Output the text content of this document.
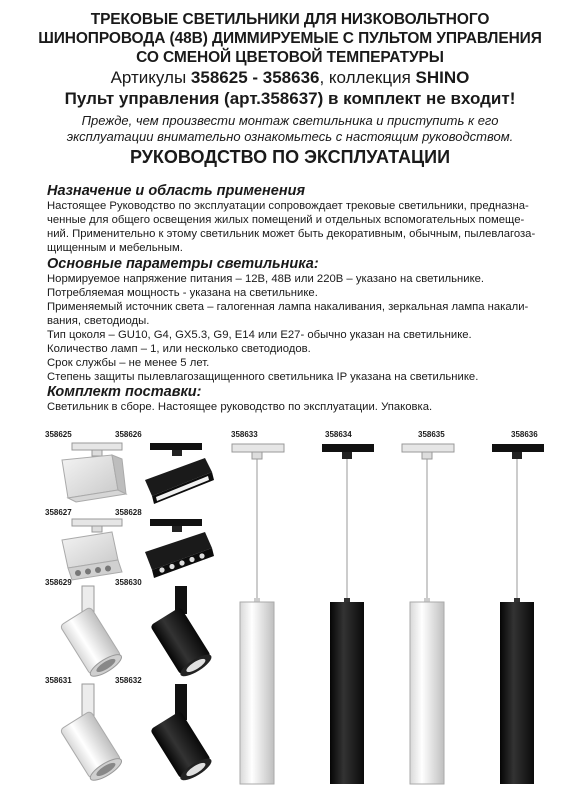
ТРЕКОВЫЕ СВЕТИЛЬНИКИ ДЛЯ НИЗКОВОЛЬТНОГО
ШИНОПРОВОДА (48В) ДИММИРУЕМЫЕ С ПУЛЬТОМ УПРАВЛЕНИЯ
СО СМЕНОЙ ЦВЕТОВОЙ ТЕМПЕРАТУРЫ
Артикулы 358625 - 358636, коллекция SHINO
Пульт управления (арт.358637) в комплект не входит!
Прежде, чем произвести монтаж светильника и приступить к его
эксплуатации внимательно ознакомьтесь с настоящим руководством.
РУКОВОДСТВО ПО ЭКСПЛУАТАЦИИ
Назначение и область применения
Настоящее Руководство по эксплуатации сопровождает трековые светильники, предназна-
ченные для общего освещения жилых помещений и отдельных вспомогательных помеще-
ний. Применительно к этому светильник может быть декоративным, обычным, пылевлагоза-
щищенным и мебельным.
Основные параметры светильника:
Нормируемое напряжение питания – 12В, 48В или 220В – указано на светильнике.
Потребляемая мощность - указана на светильнике.
Применяемый источник света – галогенная лампа накаливания, зеркальная лампа накали-
вания, светодиоды.
Тип цоколя – GU10, G4, GX5.3, G9, E14 или E27- обычно указан на светильнике.
Количество ламп – 1, или несколько светодиодов.
Срок службы – не менее 5 лет.
Степень защиты пылевлагозащищенного светильника IP указана на светильнике.
Комплект поставки:
Светильник в сборе. Настоящее руководство по эксплуатации. Упаковка.
358625	358626
358627	358628
358629	358630
358631	358632
358633	358634	358635	358636
